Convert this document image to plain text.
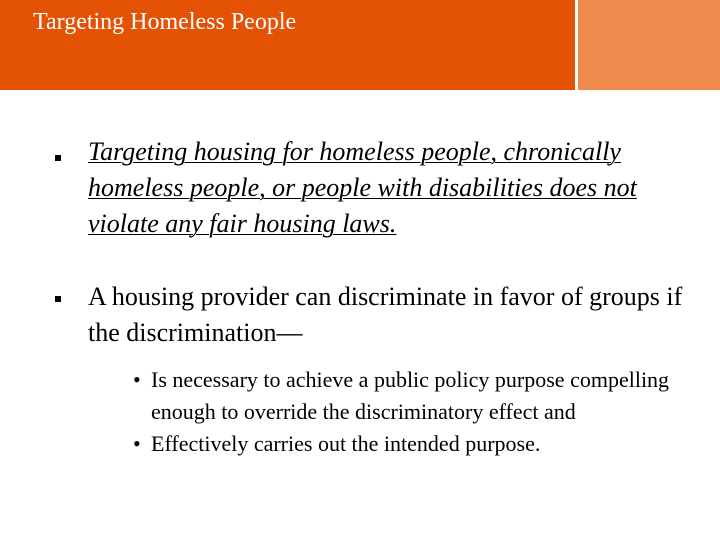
Targeting Homeless People

Targeting housing for homeless people, chronically homeless people, or people with disabilities does not violate any fair housing laws.

A housing provider can discriminate in favor of groups if the discrimination—

• Is necessary to achieve a public policy purpose compelling enough to override the discriminatory effect and
• Effectively carries out the intended purpose.
